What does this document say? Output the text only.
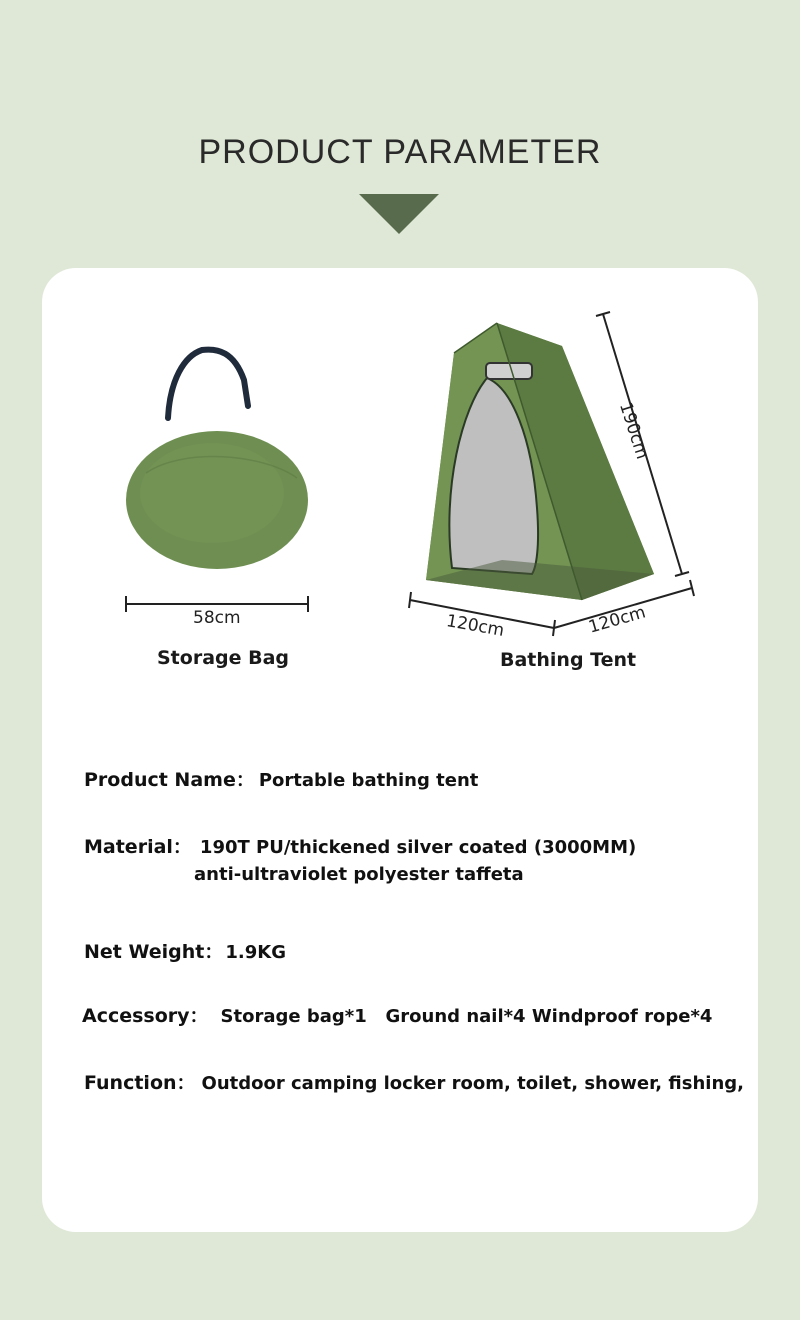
PRODUCT PARAMETER
58cm
Storage Bag
190cm
120cm	120cm
Bathing Tent
Product Name： Portable bathing tent
Material： 190T PU/thickened silver coated (3000MM)
anti-ultraviolet polyester taffeta
Net Weight： 1.9KG
Accessory： Storage bag*1   Ground nail*4 Windproof rope*4
Function： Outdoor camping locker room, toilet, shower, fishing,
